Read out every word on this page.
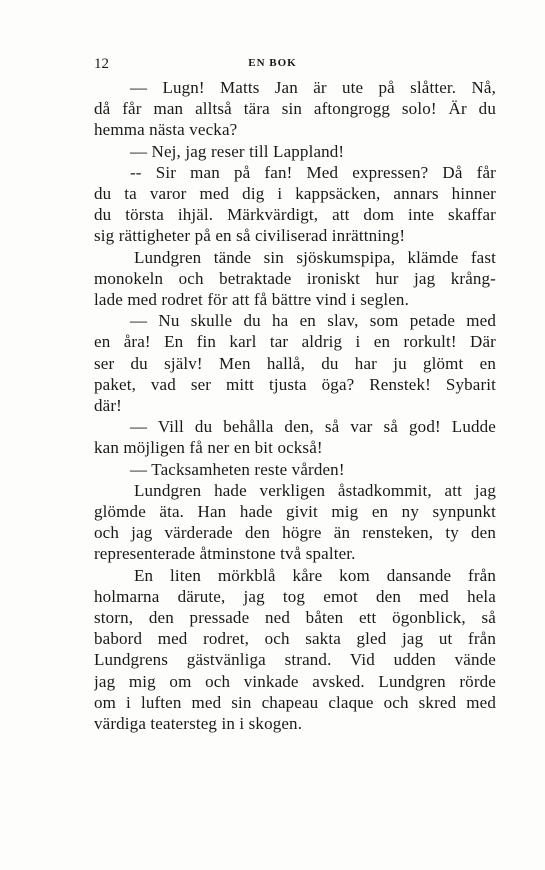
12	EN BOK
— Lugn! Matts Jan är ute på slåtter. Nå,
då får man alltså tära sin aftongrogg solo! Är du
hemma nästa vecka?
— Nej, jag reser till Lappland!
-- Sir man på fan! Med expressen? Då får
du ta varor med dig i kappsäcken, annars hinner
du törsta ihjäl. Märkvärdigt, att dom inte skaffar
sig rättigheter på en så civiliserad inrättning!
Lundgren tände sin sjöskumspipa, klämde fast
monokeln och betraktade ironiskt hur jag krång-
lade med rodret för att få bättre vind i seglen.
— Nu skulle du ha en slav, som petade med
en åra! En fin karl tar aldrig i en rorkult! Där
ser du själv! Men hallå, du har ju glömt en
paket, vad ser mitt tjusta öga? Renstek! Sybarit
där!
— Vill du behålla den, så var så god! Ludde
kan möjligen få ner en bit också!
— Tacksamheten reste vården!
Lundgren hade verkligen åstadkommit, att jag
glömde äta. Han hade givit mig en ny synpunkt
och jag värderade den högre än rensteken, ty den
representerade åtminstone två spalter.
En liten mörkblå kåre kom dansande från
holmarna därute, jag tog emot den med hela
storn, den pressade ned båten ett ögonblick, så
babord med rodret, och sakta gled jag ut från
Lundgrens gästvänliga strand. Vid udden vände
jag mig om och vinkade avsked. Lundgren rörde
om i luften med sin chapeau claque och skred med
värdiga teatersteg in i skogen.
